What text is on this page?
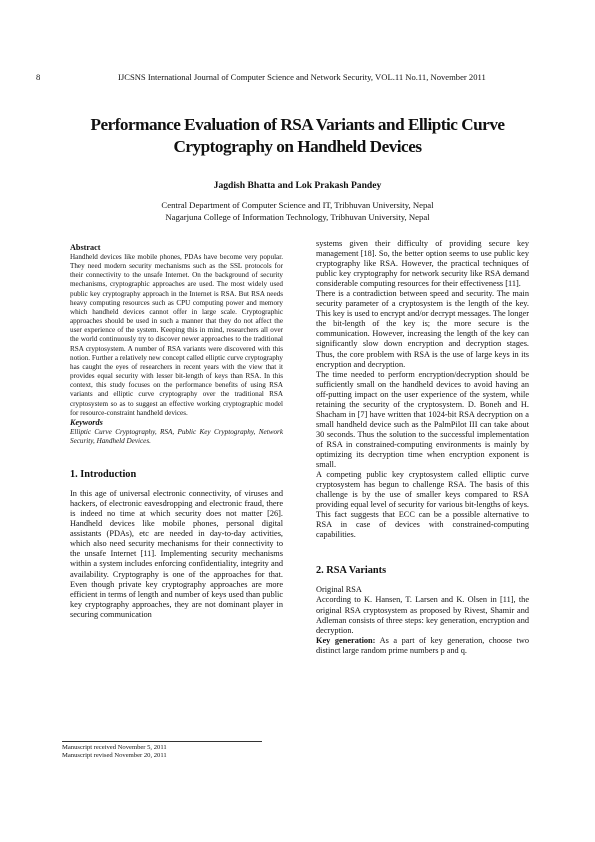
8	IJCSNS International Journal of Computer Science and Network Security, VOL.11 No.11, November 2011
Performance Evaluation of RSA Variants and Elliptic Curve
Cryptography on Handheld Devices
Jagdish Bhatta and Lok Prakash Pandey
Central Department of Computer Science and IT, Tribhuvan University, Nepal
Nagarjuna College of Information Technology, Tribhuvan University, Nepal

Abstract

Handheld devices like mobile phones, PDAs have become very popular. They need modern security mechanisms such as the SSL protocols for their connectivity to the unsafe Internet. On the background of security mechanisms, cryptographic approaches are used. The most widely used public key cryptography approach in the Internet is RSA. But RSA needs heavy computing resources such as CPU computing power and memory which handheld devices cannot offer in large scale. Cryptographic approaches should be used in such a manner that they do not affect the user experience of the system. Keeping this in mind, researchers all over the world continuously try to discover newer approaches to the traditional RSA cryptosystem. A number of RSA variants were discovered with this notion. Further a relatively new concept called elliptic curve cryptography has caught the eyes of researchers in recent years with the view that it provides equal security with lesser bit-length of keys than RSA. In this context, this study focuses on the performance benefits of using RSA variants and elliptic curve cryptography over the traditional RSA cryptosystem so as to suggest an effective working cryptographic model for resource-constraint handheld devices.

Keywords

Elliptic Curve Cryptography, RSA, Public Key Cryptography, Network Security, Handheld Devices.

1. Introduction

In this age of universal electronic connectivity, of viruses and hackers, of electronic eavesdropping and electronic fraud, there is indeed no time at which security does not matter [26]. Handheld devices like mobile phones, personal digital assistants (PDAs), etc are needed in day-to-day activities, which also need security mechanisms for their connectivity to the unsafe Internet [11]. Implementing security mechanisms within a system includes enforcing confidentiality, integrity and availability. Cryptography is one of the approaches for that. Even though private key cryptography approaches are more efficient in terms of length and number of keys used than public key cryptography approaches, they are not dominant player in securing communication

systems given their difficulty of providing secure key management [18]. So, the better option seems to use public key cryptography like RSA. However, the practical techniques of public key cryptography for network security like RSA demand considerable computing resources for their effectiveness [11].

There is a contradiction between speed and security. The main security parameter of a cryptosystem is the length of the key. This key is used to encrypt and/or decrypt messages. The longer the bit-length of the key is; the more secure is the communication. However, increasing the length of the key can significantly slow down encryption and decryption stages. Thus, the core problem with RSA is the use of large keys in its encryption and decryption.

The time needed to perform encryption/decryption should be sufficiently small on the handheld devices to avoid having an off-putting impact on the user experience of the system, while retaining the security of the cryptosystem. D. Boneh and H. Shacham in [7] have written that 1024-bit RSA decryption on a small handheld device such as the PalmPilot III can take about 30 seconds. Thus the solution to the successful implementation of RSA in constrained-computing environments is mainly by optimizing its decryption time when encryption exponent is small.

A competing public key cryptosystem called elliptic curve cryptosystem has begun to challenge RSA. The basis of this challenge is by the use of smaller keys compared to RSA providing equal level of security for various bit-lengths of keys. This fact suggests that ECC can be a possible alternative to RSA in case of devices with constrained-computing capabilities.

2. RSA Variants

Original RSA

According to K. Hansen, T. Larsen and K. Olsen in [11], the original RSA cryptosystem as proposed by Rivest, Shamir and Adleman consists of three steps: key generation, encryption and decryption.

Key generation: As a part of key generation, choose two distinct large random prime numbers p and q.

Manuscript received November 5, 2011
Manuscript revised November 20, 2011
